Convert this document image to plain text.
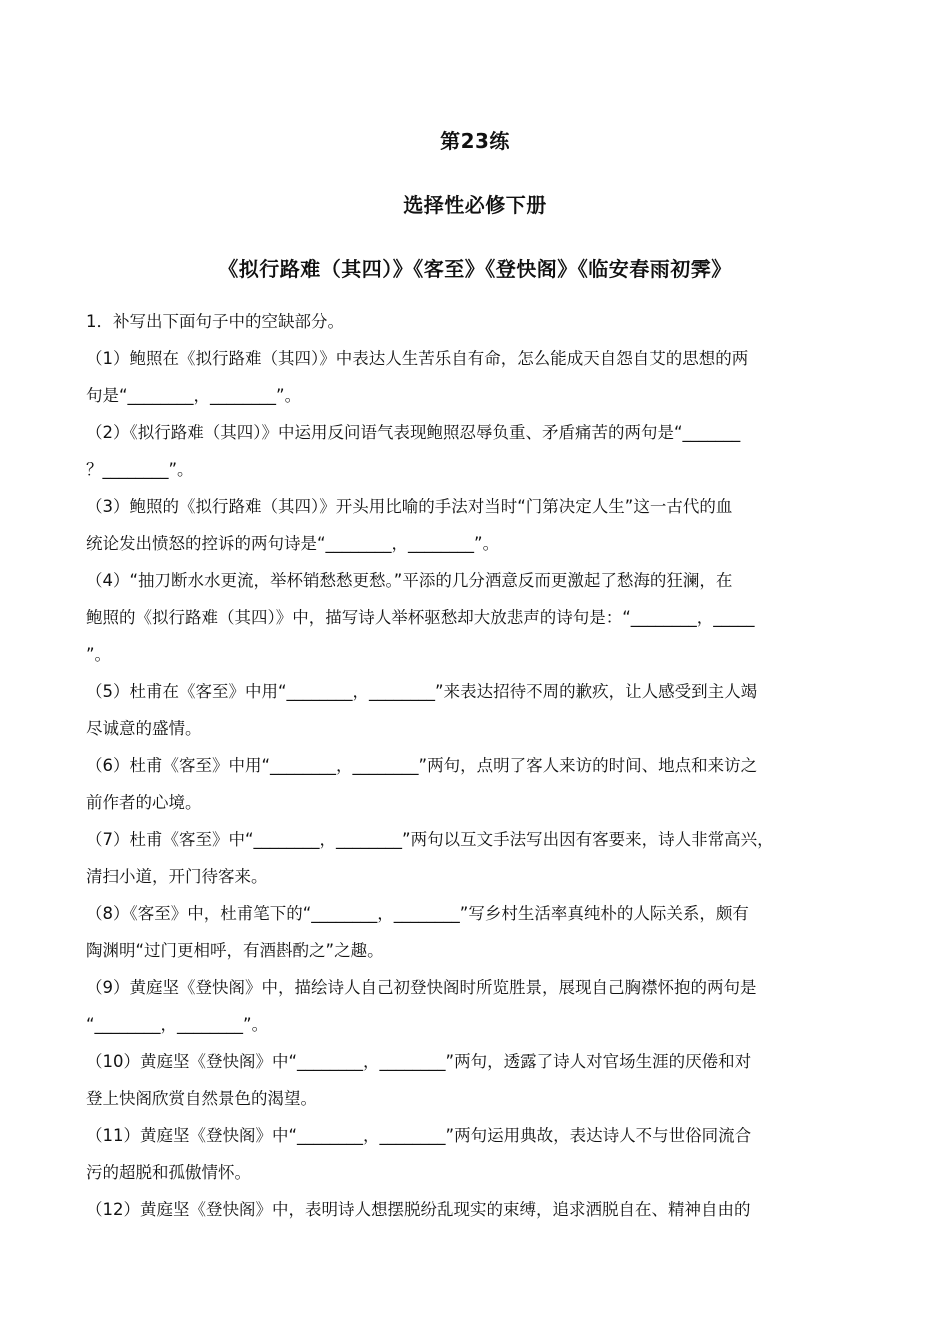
第23练
选择性必修下册
《拟行路难（其四）》《客至》《登快阁》《临安春雨初霁》
1．补写出下面句子中的空缺部分。
（1）鲍照在《拟行路难（其四）》中表达人生苦乐自有命，怎么能成天自怨自艾的思想的两
句是“________，________”。
（2）《拟行路难（其四）》中运用反问语气表现鲍照忍辱负重、矛盾痛苦的两句是“_______
？________”。
（3）鲍照的《拟行路难（其四）》开头用比喻的手法对当时“门第决定人生”这一古代的血
统论发出愤怒的控诉的两句诗是“________，________”。
（4）“抽刀断水水更流，举杯销愁愁更愁。”平添的几分酒意反而更激起了愁海的狂澜，在
鲍照的《拟行路难（其四）》中，描写诗人举杯驱愁却大放悲声的诗句是：“________，_____
”。
（5）杜甫在《客至》中用“________，________”来表达招待不周的歉疚，让人感受到主人竭
尽诚意的盛情。
（6）杜甫《客至》中用“________，________”两句，点明了客人来访的时间、地点和来访之
前作者的心境。
（7）杜甫《客至》中“________，________”两句以互文手法写出因有客要来，诗人非常高兴，
清扫小道，开门待客来。
（8）《客至》中，杜甫笔下的“________，________”写乡村生活率真纯朴的人际关系，颇有
陶渊明“过门更相呼，有酒斟酌之”之趣。
（9）黄庭坚《登快阁》中，描绘诗人自己初登快阁时所览胜景，展现自己胸襟怀抱的两句是
“________，________”。
（10）黄庭坚《登快阁》中“________，________”两句，透露了诗人对官场生涯的厌倦和对
登上快阁欣赏自然景色的渴望。
（11）黄庭坚《登快阁》中“________，________”两句运用典故，表达诗人不与世俗同流合
污的超脱和孤傲情怀。
（12）黄庭坚《登快阁》中，表明诗人想摆脱纷乱现实的束缚，追求洒脱自在、精神自由的
